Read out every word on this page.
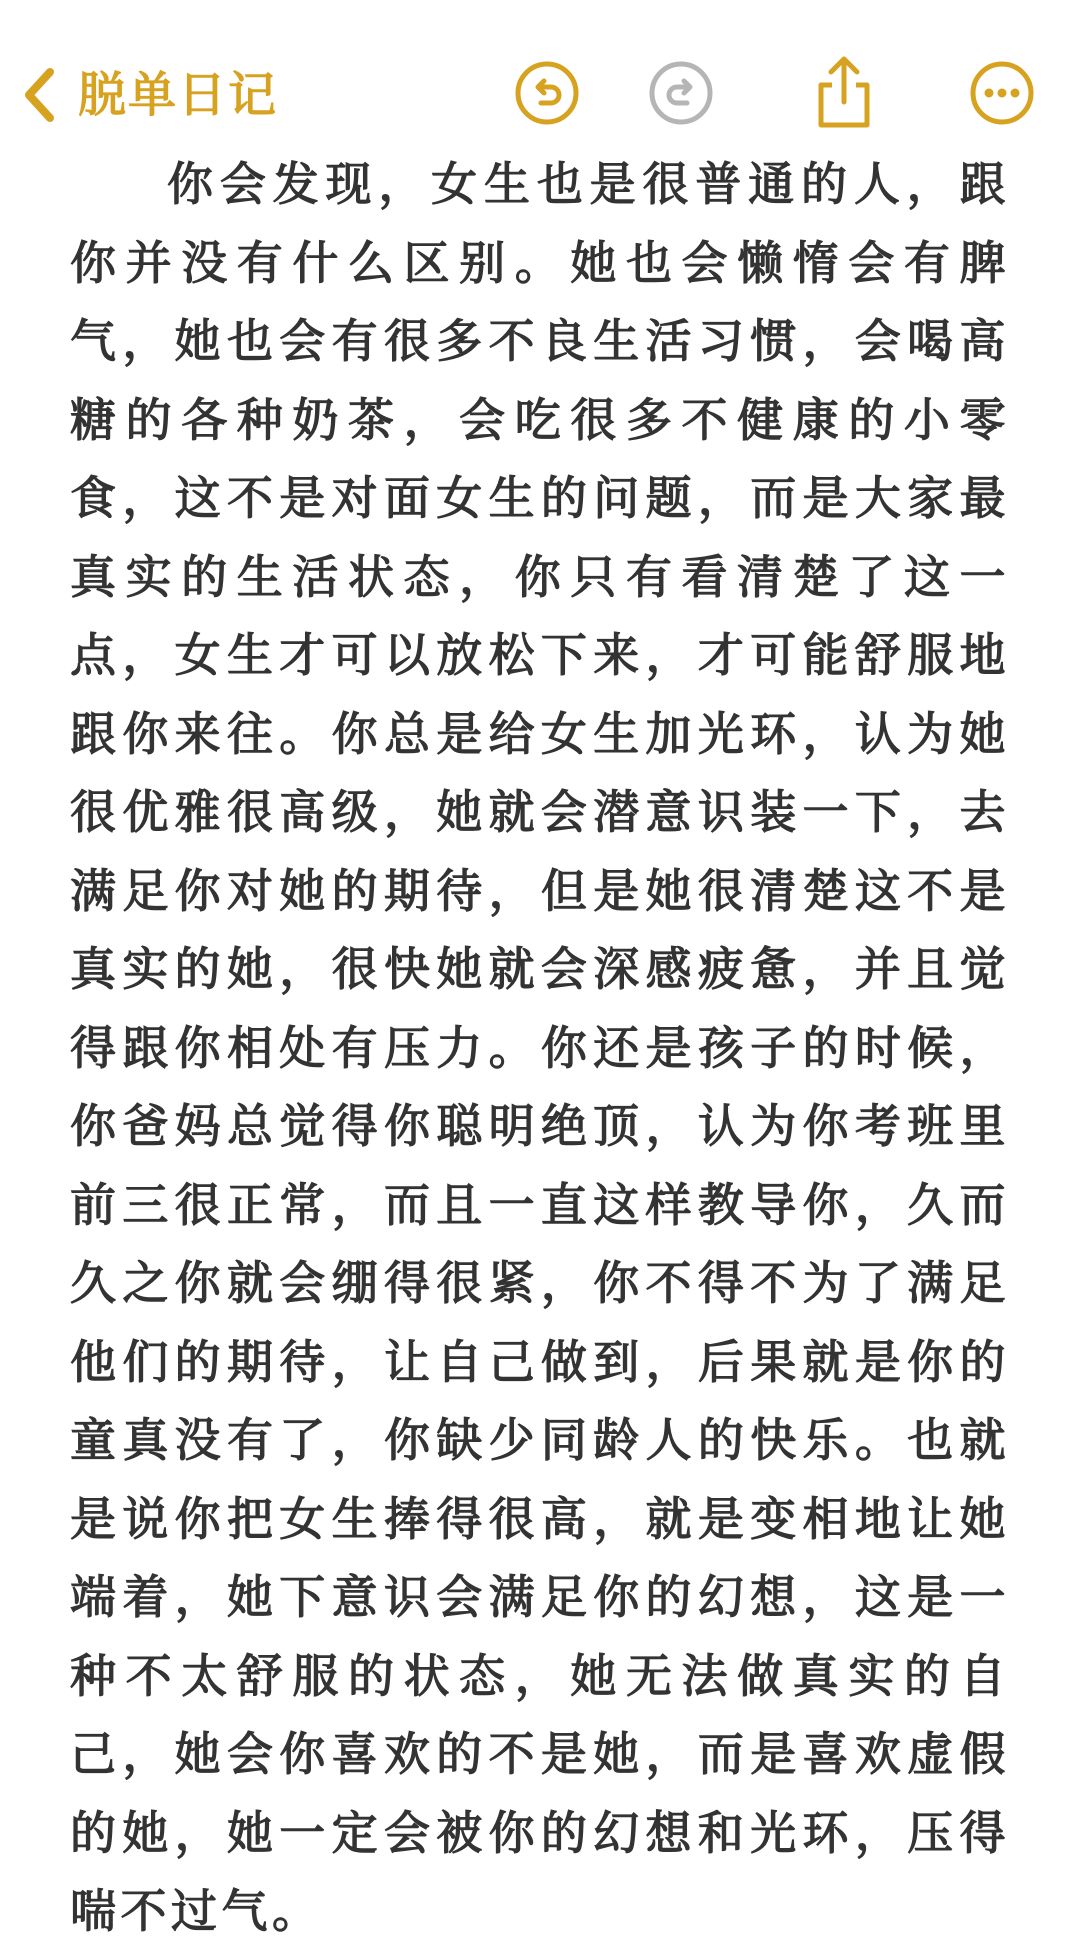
脱单日记

你会发现，女生也是很普通的人，跟你并没有什么区别。她也会懒惰会有脾气，她也会有很多不良生活习惯，会喝高糖的各种奶茶，会吃很多不健康的小零食，这不是对面女生的问题，而是大家最真实的生活状态，你只有看清楚了这一点，女生才可以放松下来，才可能舒服地跟你来往。你总是给女生加光环，认为她很优雅很高级，她就会潜意识装一下，去满足你对她的期待，但是她很清楚这不是真实的她，很快她就会深感疲惫，并且觉得跟你相处有压力。你还是孩子的时候，你爸妈总觉得你聪明绝顶，认为你考班里前三很正常，而且一直这样教导你，久而久之你就会绷得很紧，你不得不为了满足他们的期待，让自己做到，后果就是你的童真没有了，你缺少同龄人的快乐。也就是说你把女生捧得很高，就是变相地让她端着，她下意识会满足你的幻想，这是一种不太舒服的状态，她无法做真实的自己，她会你喜欢的不是她，而是喜欢虚假的她，她一定会被你的幻想和光环，压得喘不过气。
